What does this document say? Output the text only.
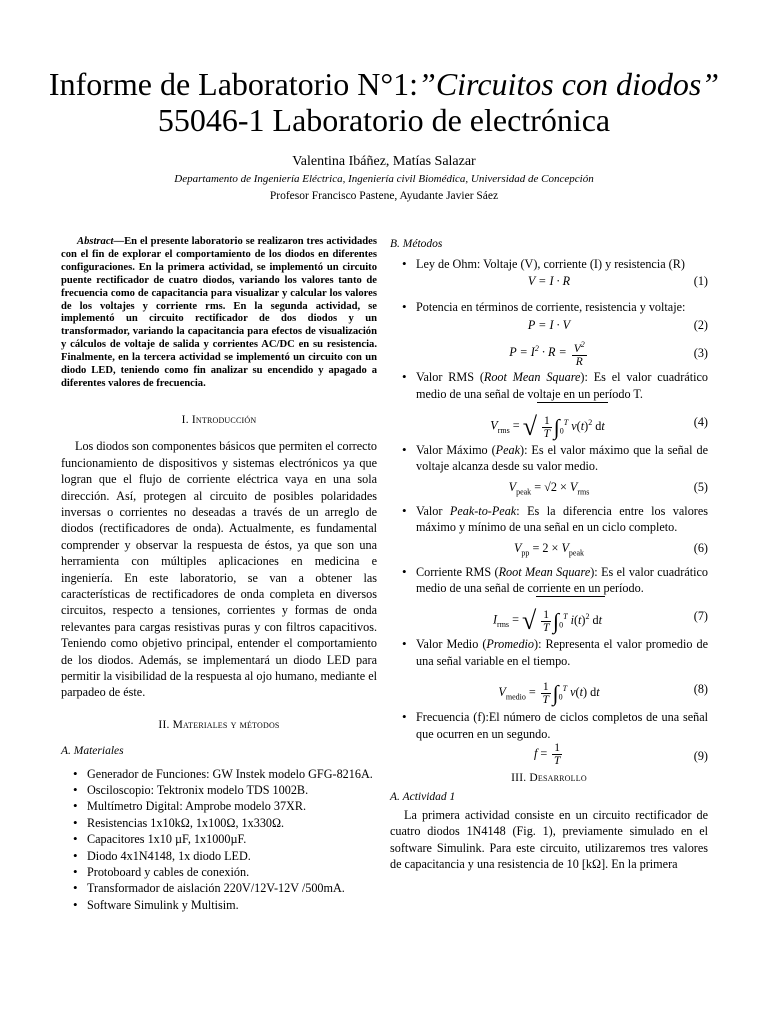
Informe de Laboratorio N°1:”Circuitos con diodos”
55046-1 Laboratorio de electrónica
Valentina Ibáñez, Matías Salazar
Departamento de Ingeniería Eléctrica, Ingeniería civil Biomédica, Universidad de Concepción
Profesor Francisco Pastene, Ayudante Javier Sáez

Abstract—En el presente laboratorio se realizaron tres actividades con el fin de explorar el comportamiento de los diodos en diferentes configuraciones. En la primera actividad, se implementó un circuito puente rectificador de cuatro diodos, variando los valores tanto de frecuencia como de capacitancia para visualizar y calcular los valores de los voltajes y corriente rms. En la segunda actividad, se implementó un circuito rectificador de dos diodos y un transformador, variando la capacitancia para efectos de visualización y cálculos de voltaje de salida y corrientes AC/DC en su resistencia. Finalmente, en la tercera actividad se implementó un circuito con un diodo LED, teniendo como fin analizar su encendido y apagado a diferentes valores de frecuencia.

I. Introducción

Los diodos son componentes básicos que permiten el correcto funcionamiento de dispositivos y sistemas electrónicos ya que logran que el flujo de corriente eléctrica vaya en una sola dirección. Así, protegen al circuito de posibles polaridades inversas o corrientes no deseadas a través de un arreglo de diodos (rectificadores de onda). Actualmente, es fundamental comprender y observar la respuesta de éstos, ya que son una herramienta con múltiples aplicaciones en medicina e ingeniería. En este laboratorio, se van a obtener las características de rectificadores de onda completa en diversos circuitos, respecto a tensiones, corrientes y formas de onda relevantes para cargas resistivas puras y con filtros capacitivos. Teniendo como objetivo principal, entender el comportamiento de los diodos. Además, se implementará un diodo LED para permitir la visibilidad de la respuesta al ojo humano, mediante el parpadeo de éste.

II. Materiales y métodos

A. Materiales

• Generador de Funciones: GW Instek modelo GFG-8216A.
• Osciloscopio: Tektronix modelo TDS 1002B.
• Multímetro Digital: Amprobe modelo 37XR.
• Resistencias 1x10kΩ, 1x100Ω, 1x330Ω.
• Capacitores 1x10 µF, 1x1000µF.
• Diodo 4x1N4148, 1x diodo LED.
• Protoboard y cables de conexión.
• Transformador de aislación 220V/12V-12V /500mA.
• Software Simulink y Multisim.

B. Métodos

• Ley de Ohm: Voltaje (V), corriente (I) y resistencia (R)
V = I · R	(1)
• Potencia en términos de corriente, resistencia y voltaje:
P = I · V	(2)
$P = I^2 \cdot R = \frac{V^2}{R}$	(3)
• Valor RMS (Root Mean Square): Es el valor cuadrático medio de una señal de voltaje en un período T.
$V_{rms}$ = √ $\frac{1}{T} \int_0^T$ $v(t)^2$ dt	(4)
• Valor Máximo (Peak): Es el valor máximo que la señal de voltaje alcanza desde su valor medio.
$V_{peak} = √2 \times V_{rms}$	(5)
• Valor Peak-to-Peak: Es la diferencia entre los valores máximo y mínimo de una señal en un ciclo completo.
$V_{pp} = 2 \times V_{peak}$	(6)
• Corriente RMS (Root Mean Square): Es el valor cuadrático medio de una señal de corriente en un período.
$I_{rms}$ = √ $\frac{1}{T} \int_0^T$ $i(t)^2$ dt	(7)
• Valor Medio (Promedio): Representa el valor promedio de una señal variable en el tiempo.
$V_{medio} = \frac{1}{T} \int_0^T$ v(t) dt	(8)
• Frecuencia (f):El número de ciclos completos de una señal que ocurren en un segundo.
$f = \frac{1}{T}$	(9)

III. Desarrollo

A. Actividad 1

La primera actividad consiste en un circuito rectificador de cuatro diodos 1N4148 (Fig. 1), previamente simulado en el software Simulink. Para este circuito, utilizaremos tres valores de capacitancia y una resistencia de 10 [kΩ]. En la primera
